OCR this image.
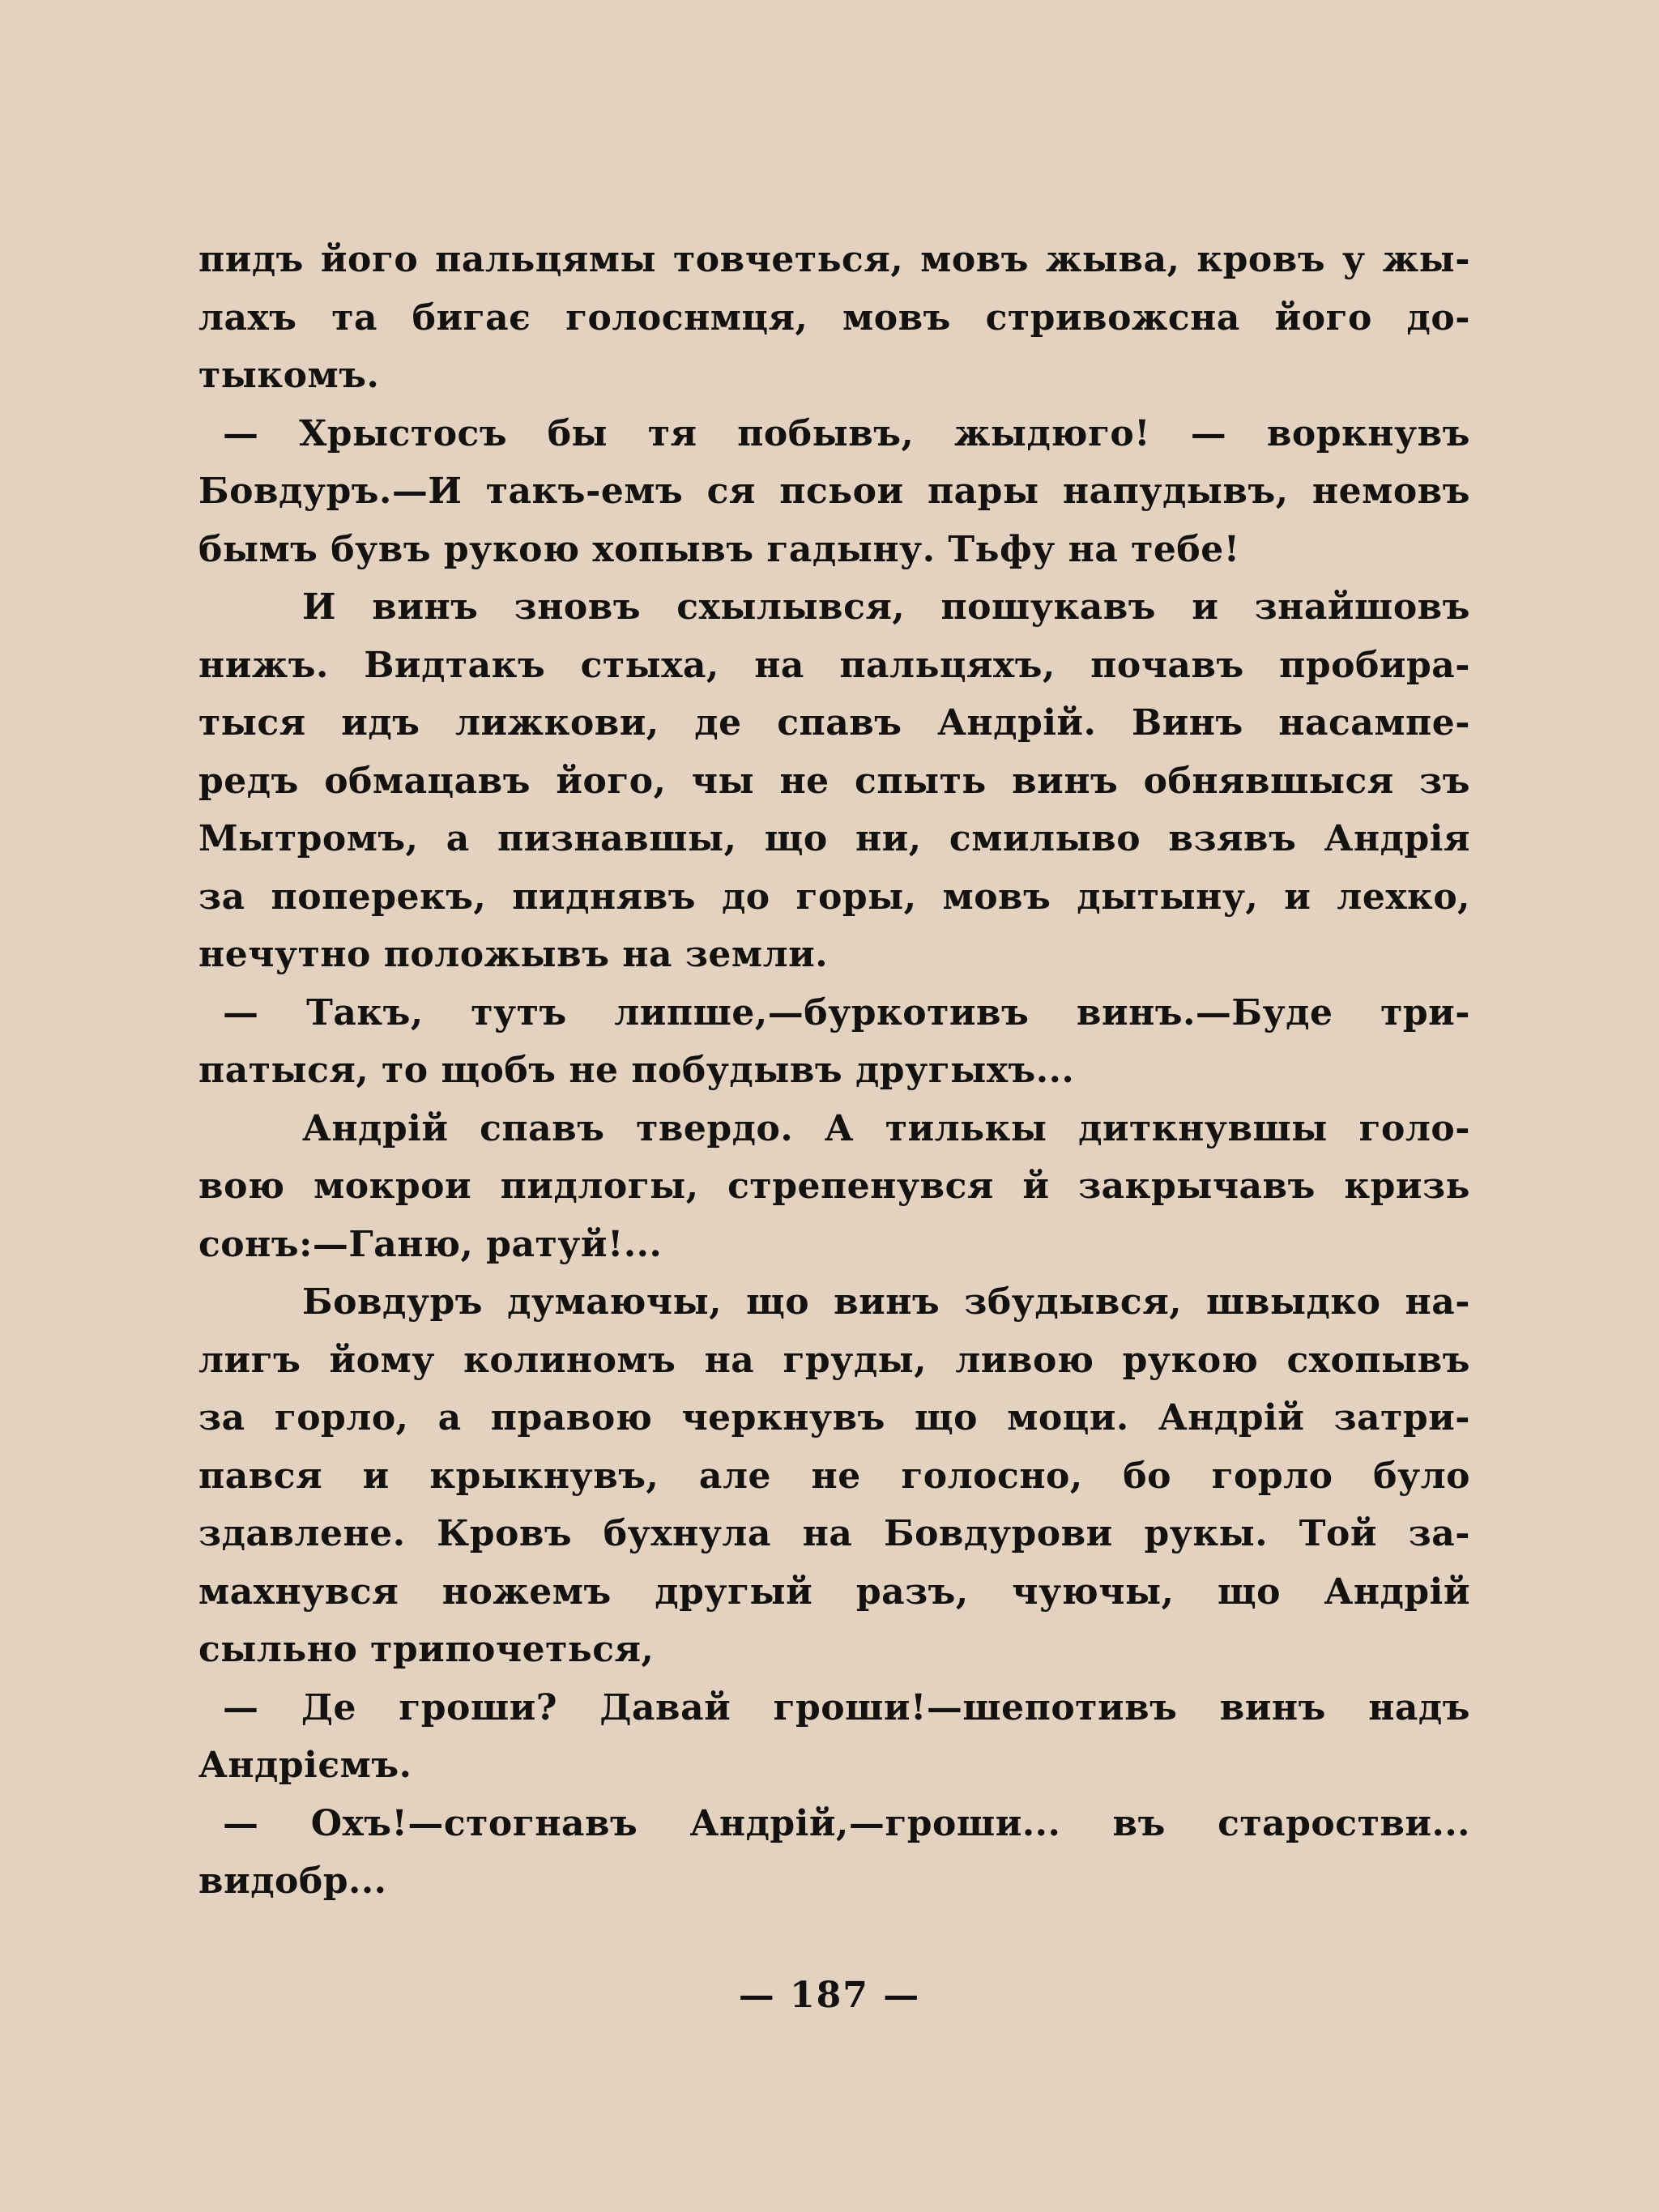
пидъ його пальцямы товчеться, мовъ жыва, кровъ у жы-
лахъ та бигає голоснмця, мовъ стривожсна його до-
тыкомъ.
— Хрыстосъ бы тя побывъ, жыдюго! — воркнувъ
Бовдуръ.—И такъ-емъ ся псьои пары напудывъ, немовъ
бымъ бувъ рукою хопывъ гадыну. Тьфу на тебе!
И винъ зновъ схылывся, пошукавъ и знайшовъ
нижъ. Видтакъ стыха, на пальцяхъ, почавъ пробира-
тыся идъ лижкови, де спавъ Андрій. Винъ насампе-
редъ обмацавъ його, чы не спыть винъ обнявшыся зъ
Мытромъ, а пизнавшы, що ни, смилыво взявъ Андрія
за поперекъ, пиднявъ до горы, мовъ дытыну, и лехко,
нечутно положывъ на земли.
— Такъ, тутъ липше,—буркотивъ винъ.—Буде три-
патыся, то щобъ не побудывъ другыхъ...
Андрій спавъ твердо. А тилькы диткнувшы голо-
вою мокрои пидлогы, стрепенувся й закрычавъ кризь
сонъ:—Ганю, ратуй!...
Бовдуръ думаючы, що винъ збудывся, швыдко на-
лигъ йому колиномъ на груды, ливою рукою схопывъ
за горло, а правою черкнувъ що моци. Андрій затри-
пався и крыкнувъ, але не голосно, бо горло було
здавлене. Кровъ бухнула на Бовдурови рукы. Той за-
махнувся ножемъ другый разъ, чуючы, що Андрій
сыльно трипочеться,
— Де гроши? Давай гроши!—шепотивъ винъ надъ
Андріємъ.
— Охъ!—стогнавъ Андрій,—гроши... въ старостви...
видобр...
— 187 —
